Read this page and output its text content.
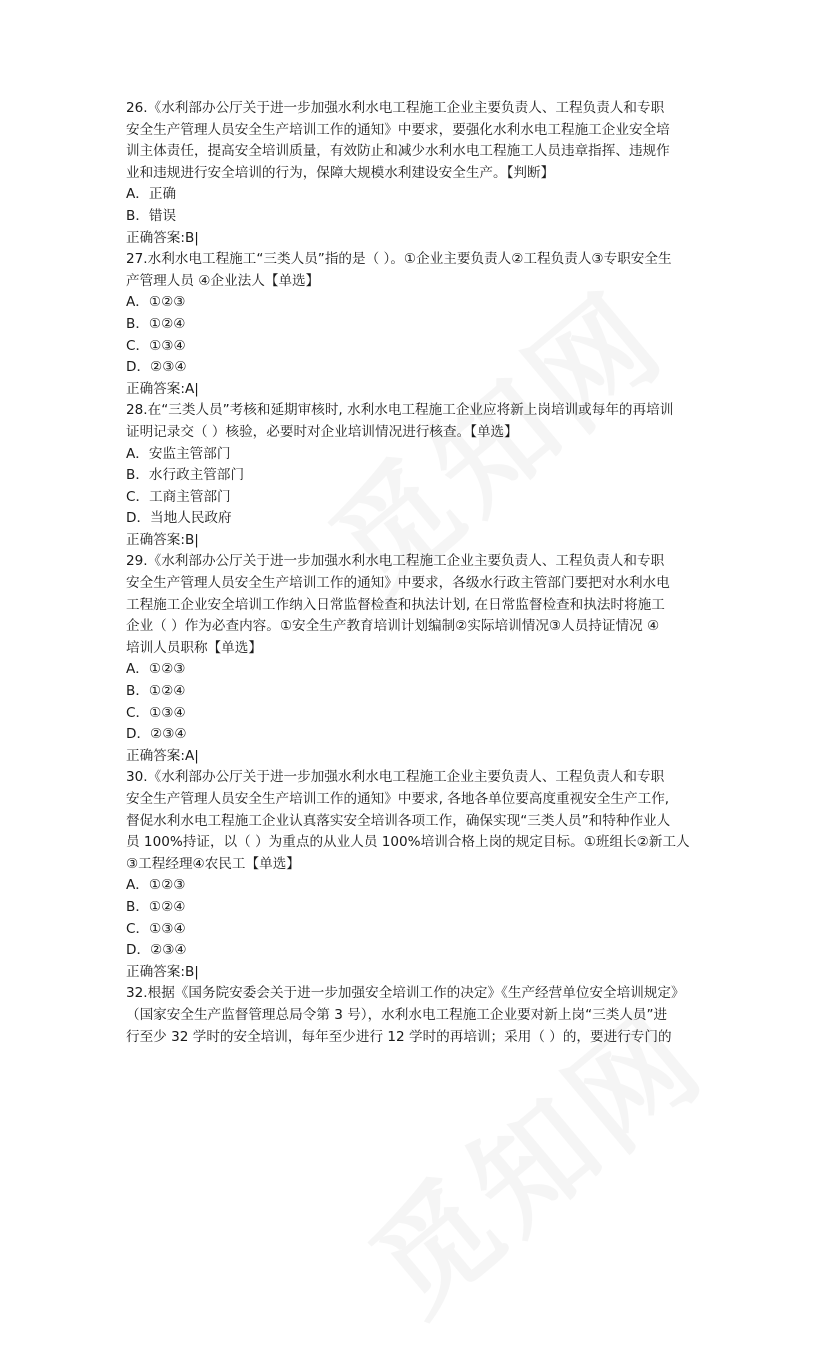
26.《水利部办公厅关于进一步加强水利水电工程施工企业主要负责人、工程负责人和专职
安全生产管理人员安全生产培训工作的通知》中要求，要强化水利水电工程施工企业安全培
训主体责任，提高安全培训质量，有效防止和减少水利水电工程施工人员违章指挥、违规作
业和违规进行安全培训的行为，保障大规模水利建设安全生产。【判断】
A．正确
B．错误
正确答案:B|
27.水利水电工程施工“三类人员”指的是（ ）。①企业主要负责人②工程负责人③专职安全生
产管理人员 ④企业法人【单选】
A．①②③
B．①②④
C．①③④
D．②③④
正确答案:A|
28.在“三类人员”考核和延期审核时, 水利水电工程施工企业应将新上岗培训或每年的再培训
证明记录交（ ）核验，必要时对企业培训情况进行核查。【单选】
A．安监主管部门
B．水行政主管部门
C．工商主管部门
D．当地人民政府
正确答案:B|
29.《水利部办公厅关于进一步加强水利水电工程施工企业主要负责人、工程负责人和专职
安全生产管理人员安全生产培训工作的通知》中要求，各级水行政主管部门要把对水利水电
工程施工企业安全培训工作纳入日常监督检查和执法计划, 在日常监督检查和执法时将施工
企业（ ）作为必查内容。①安全生产教育培训计划编制②实际培训情况③人员持证情况 ④
培训人员职称【单选】
A．①②③
B．①②④
C．①③④
D．②③④
正确答案:A|
30.《水利部办公厅关于进一步加强水利水电工程施工企业主要负责人、工程负责人和专职
安全生产管理人员安全生产培训工作的通知》中要求, 各地各单位要高度重视安全生产工作,
督促水利水电工程施工企业认真落实安全培训各项工作，确保实现“三类人员”和特种作业人
员 100%持证，以（ ）为重点的从业人员 100%培训合格上岗的规定目标。①班组长②新工人
③工程经理④农民工【单选】
A．①②③
B．①②④
C．①③④
D．②③④
正确答案:B|
32.根据《国务院安委会关于进一步加强安全培训工作的决定》《生产经营单位安全培训规定》
（国家安全生产监督管理总局令第 3 号），水利水电工程施工企业要对新上岗“三类人员”进
行至少 32 学时的安全培训，每年至少进行 12 学时的再培训；采用（ ）的，要进行专门的
